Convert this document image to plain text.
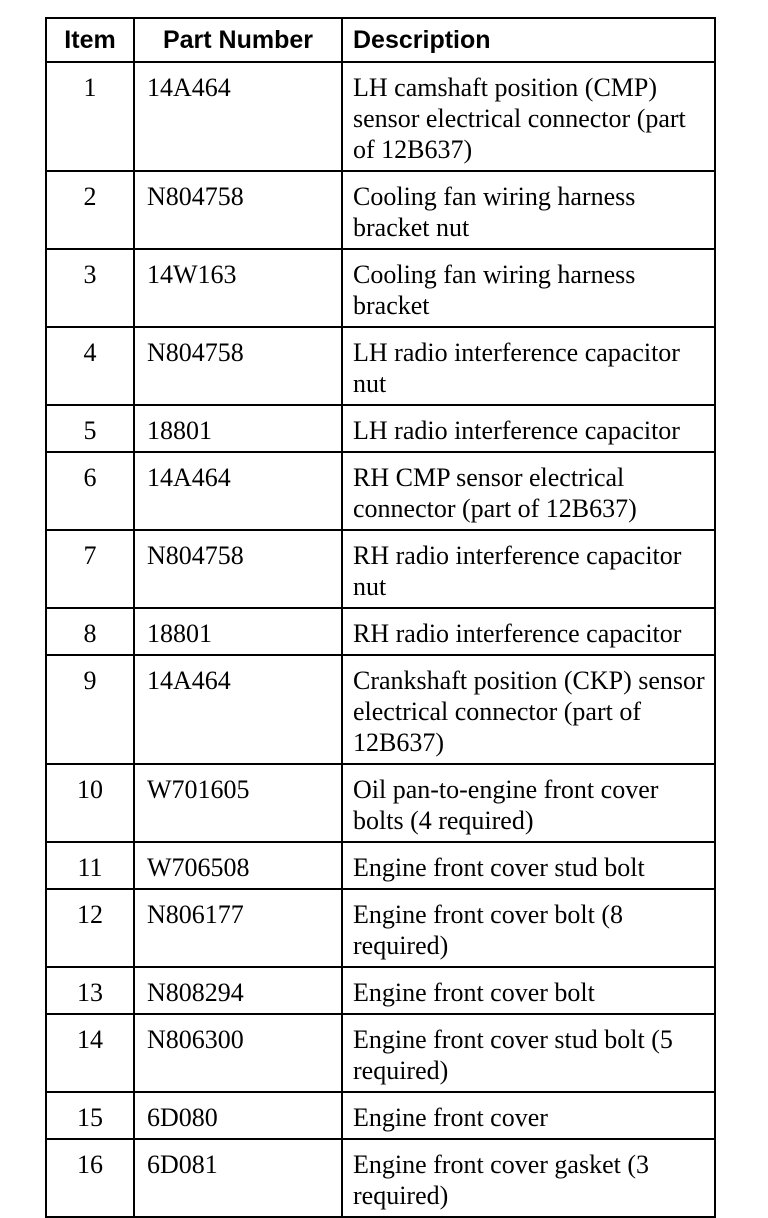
Item	Part Number	Description
1	14A464	LH camshaft position (CMP) sensor electrical connector (part of 12B637)
2	N804758	Cooling fan wiring harness bracket nut
3	14W163	Cooling fan wiring harness bracket
4	N804758	LH radio interference capacitor nut
5	18801	LH radio interference capacitor
6	14A464	RH CMP sensor electrical connector (part of 12B637)
7	N804758	RH radio interference capacitor nut
8	18801	RH radio interference capacitor
9	14A464	Crankshaft position (CKP) sensor electrical connector (part of 12B637)
10	W701605	Oil pan-to-engine front cover bolts (4 required)
11	W706508	Engine front cover stud bolt
12	N806177	Engine front cover bolt (8 required)
13	N808294	Engine front cover bolt
14	N806300	Engine front cover stud bolt (5 required)
15	6D080	Engine front cover
16	6D081	Engine front cover gasket (3 required)
